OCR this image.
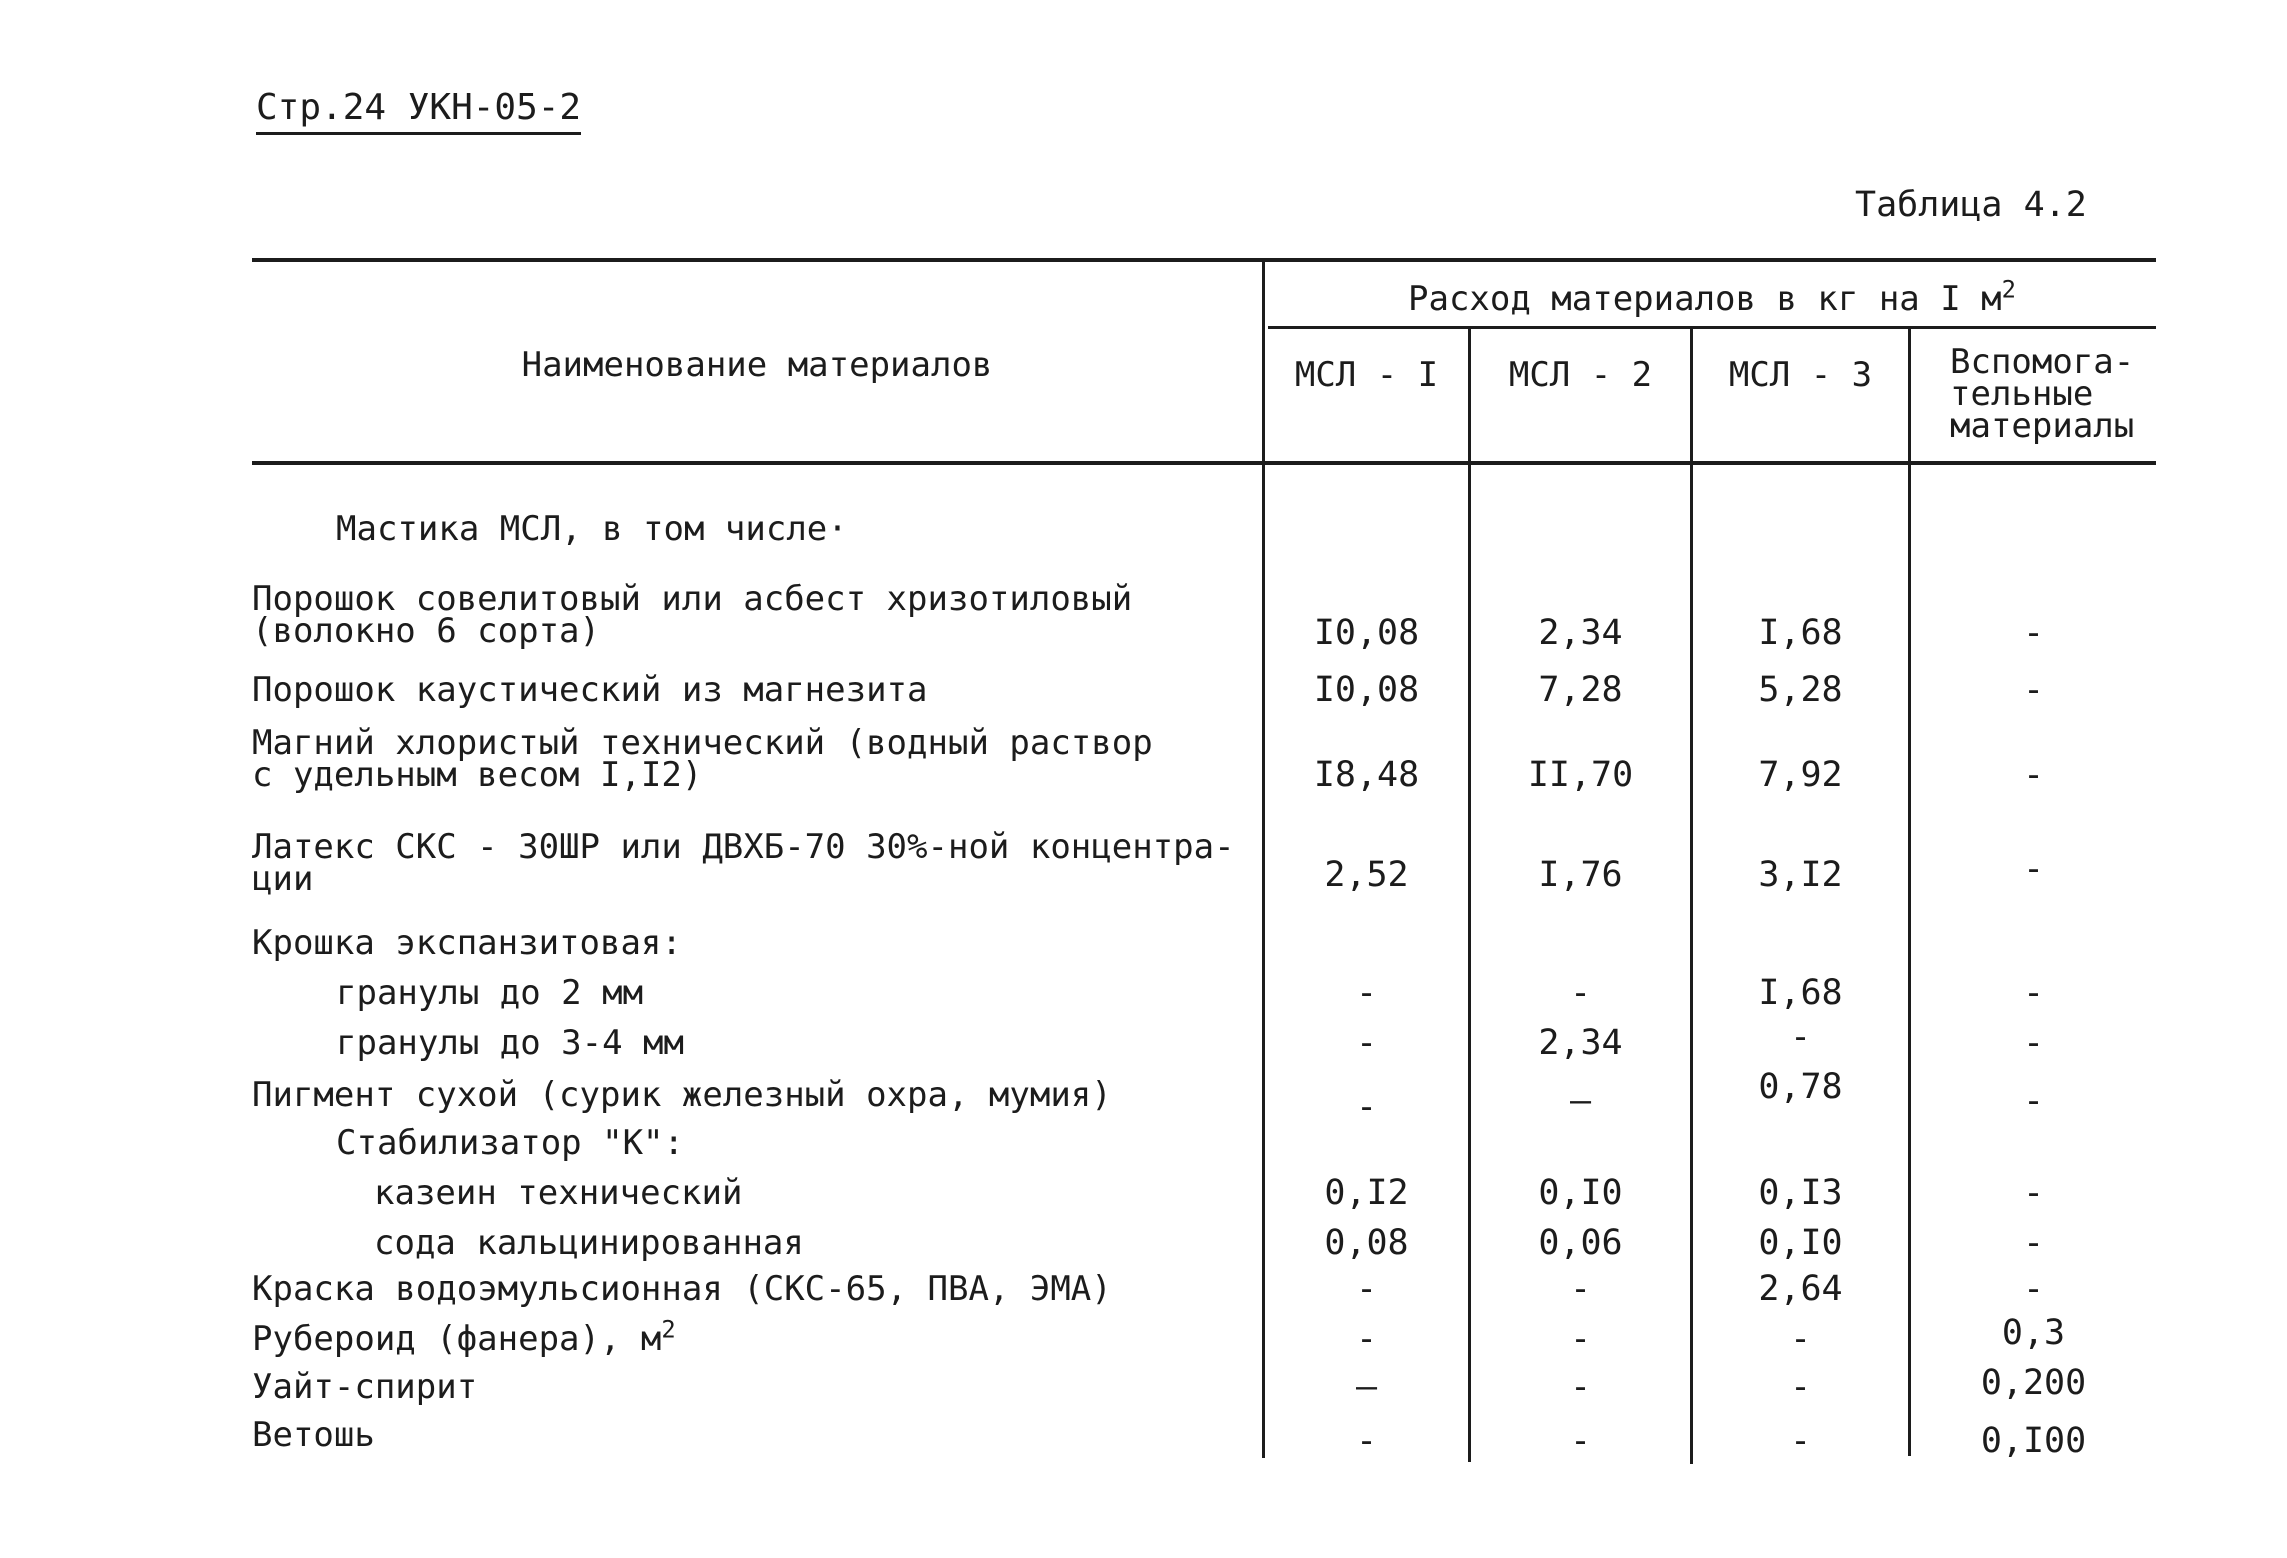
Стр.24 УКН-05-2
Таблица 4.2
Наименование материалов
Расход материалов в кг на I $м^2$
МСЛ - I	МСЛ - 2	МСЛ - 3	Вспомога-
тельные
материалы
Мастика МСЛ, в том числе·
Порошок совелитовый или асбест хризотиловый
(волокно 6 сорта)	I0,08	2,34	I,68	-
Порошок каустический из магнезита	I0,08	7,28	5,28	-
Магний хлористый технический (водный раствор
с удельным весом I,I2)	I8,48	II,70	7,92	-
Латекс СКС - 30ШР или ДВХБ-70 30%-ной концентра-
ции	2,52	I,76	3,I2	-
Крошка экспанзитовая:
гранулы до 2 мм	-	-	I,68	-
гранулы до 3-4 мм	-	2,34	-	-
Пигмент сухой (сурик железный охра, мумия)	-	—	0,78	-
Стабилизатор "К":
казеин технический	0,I2	0,I0	0,I3	-
сода кальцинированная	0,08	0,06	0,I0	-
Краска водоэмульсионная (СКС-65, ПВА, ЭМА)	-	-	2,64	-
Рубероид (фанера), $м^2$	-	-	-	0,3
Уайт-спирит	—	-	-	0,200
Ветошь	-	-	-	0,I00
